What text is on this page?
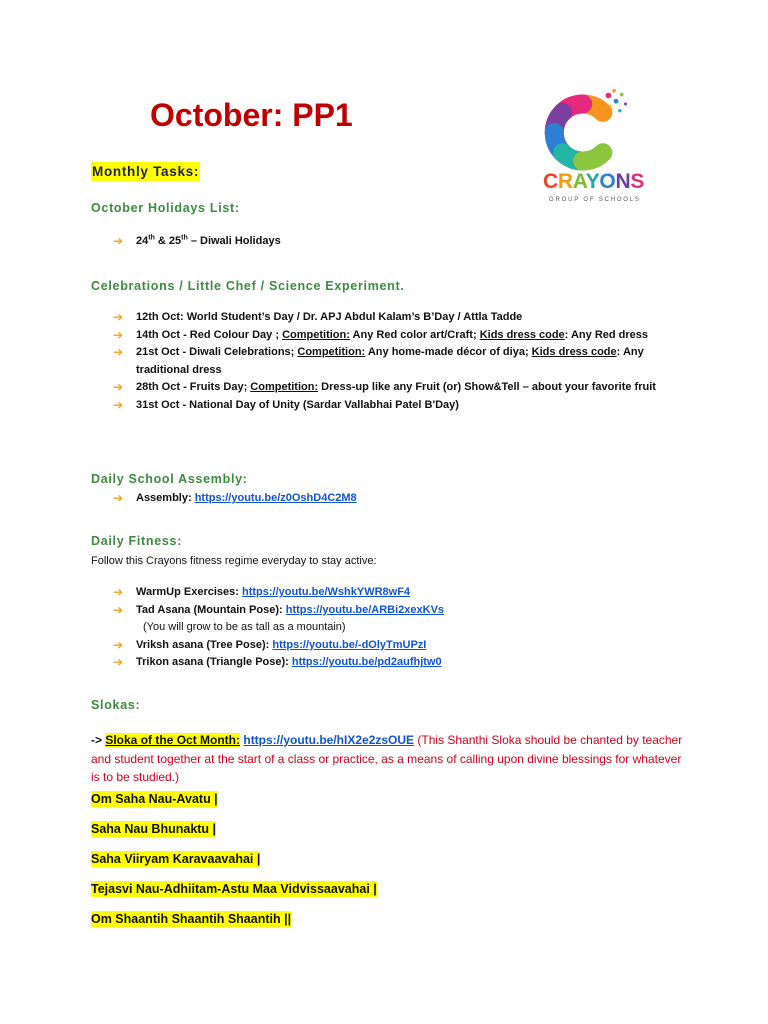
October: PP1
CRAYONS
GROUP OF SCHOOLS
Monthly Tasks:
October Holidays List:
➔
24th & 25th – Diwali Holidays
Celebrations / Little Chef / Science Experiment.
➔
12th Oct: World Student’s Day / Dr. APJ Abdul Kalam’s B’Day / Attla Tadde
➔
14th Oct - Red Colour Day ; Competition: Any Red color art/Craft; Kids dress code: Any Red dress
➔
21st Oct - Diwali Celebrations; Competition: Any home-made décor of diya; Kids dress code: Any traditional dress
➔
28th Oct - Fruits Day; Competition: Dress-up like any Fruit (or) Show&Tell – about your favorite fruit
➔
31st Oct - National Day of Unity (Sardar Vallabhai Patel B'Day)
Daily School Assembly:
➔
Assembly: https://youtu.be/z0OshD4C2M8
Daily Fitness:

Follow this Crayons fitness regime everyday to stay active:

➔
WarmUp Exercises: https://youtu.be/WshkYWR8wF4
➔
Tad Asana (Mountain Pose): https://youtu.be/ARBi2xexKVs
(You will grow to be as tall as a mountain)
➔
Vriksh asana (Tree Pose): https://youtu.be/-dOlyTmUPzI
➔
Trikon asana (Triangle Pose): https://youtu.be/pd2aufhjtw0
Slokas:

-> Sloka of the Oct Month: https://youtu.be/hIX2e2zsOUE (This Shanthi Sloka should be chanted by teacher and student together at the start of a class or practice, as a means of calling upon divine blessings for whatever is to be studied.)

Om Saha Nau-Avatu |
Saha Nau Bhunaktu |
Saha Viiryam Karavaavahai |
Tejasvi Nau-Adhiitam-Astu Maa Vidvissaavahai |
Om Shaantih Shaantih Shaantih ||
